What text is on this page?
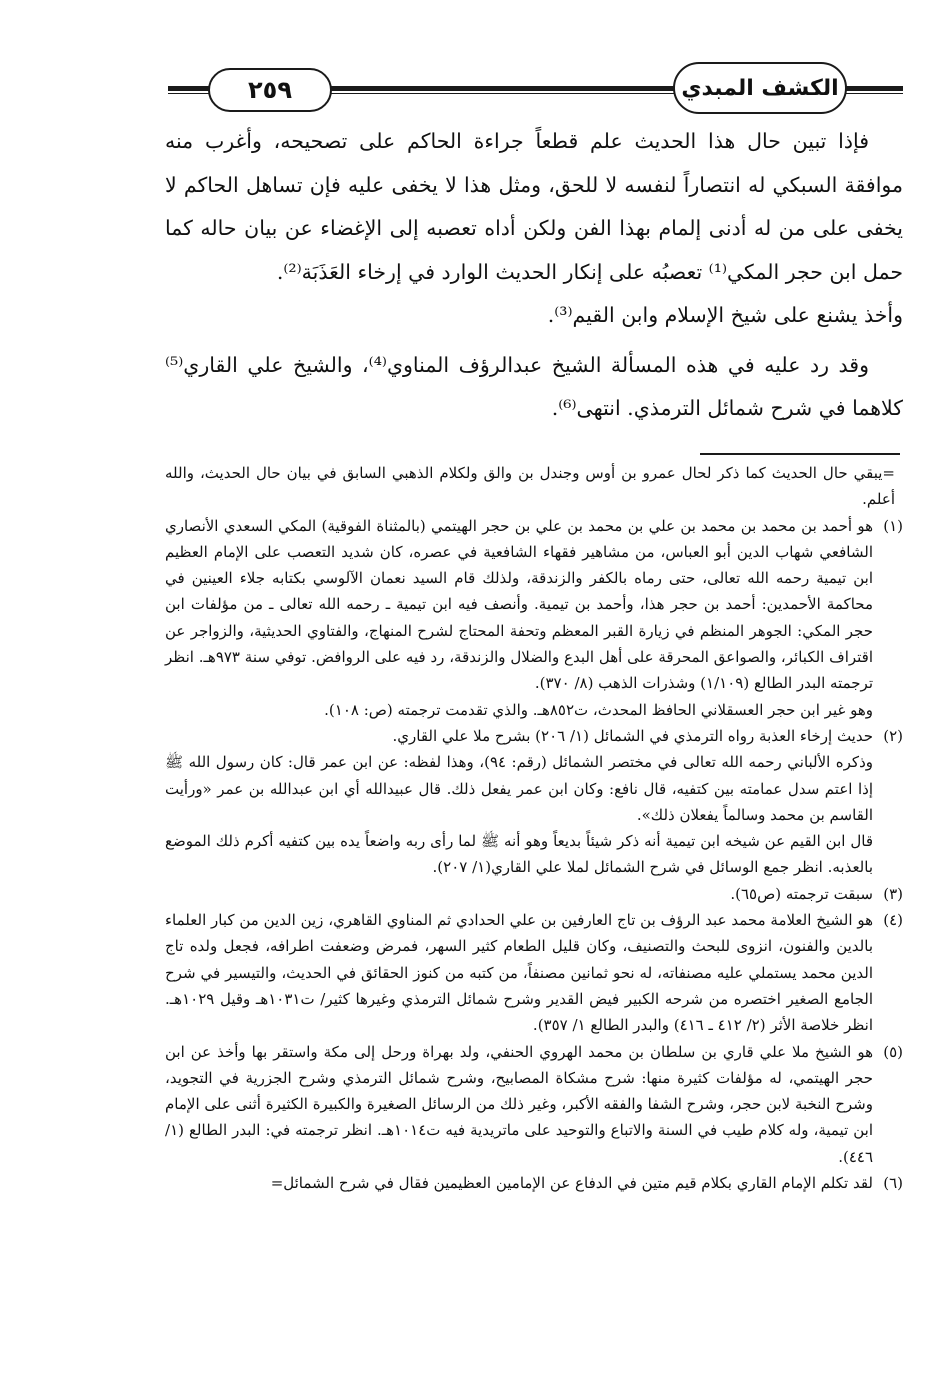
٢٥٩	الكشف المبدي

فإذا تبين حال هذا الحديث علم قطعاً جراءة الحاكم على تصحيحه، وأغرب منه موافقة السبكي له انتصاراً لنفسه لا للحق، ومثل هذا لا يخفى عليه فإن تساهل الحاكم لا يخفى على من له أدنى إلمام بهذا الفن ولكن أداه تعصبه إلى الإغضاء عن بيان حاله كما حمل ابن حجر المكي⁽¹⁾ تعصبُه على إنكار الحديث الوارد في إرخاء العَذَبَة⁽²⁾.

وأخذ يشنع على شيخ الإسلام وابن القيم⁽³⁾.

وقد رد عليه في هذه المسألة الشيخ عبدالرؤف المناوي⁽⁴⁾، والشيخ علي القاري⁽⁵⁾ كلاهما في شرح شمائل الترمذي. انتهى⁽⁶⁾.

=يبقي حال الحديث كما ذكر لحال عمرو بن أوس وجندل بن والق ولكلام الذهبي السابق في بيان حال الحديث، والله أعلم.

(١)
هو أحمد بن محمد بن محمد بن علي بن محمد بن علي بن حجر الهيتمي (بالمثناة الفوقية) المكي السعدي الأنصاري الشافعي شهاب الدين أبو العباس، من مشاهير فقهاء الشافعية في عصره، كان شديد التعصب على الإمام العظيم ابن تيمية رحمه الله تعالى، حتى رماه بالكفر والزندقة، ولذلك قام السيد نعمان الآلوسي بكتابه جلاء العينين في محاكمة الأحمدين: أحمد بن حجر هذا، وأحمد بن تيمية. وأنصف فيه ابن تيمية ـ رحمه الله تعالى ـ من مؤلفات ابن حجر المكي: الجوهر المنظم في زيارة القبر المعظم وتحفة المحتاج لشرح المنهاج، والفتاوي الحديثية، والزواجر عن اقتراف الكبائر، والصواعق المحرقة على أهل البدع والضلال والزندقة، رد فيه على الروافض. توفي سنة ٩٧٣هـ. انظر ترجمته البدر الطالع (١/١٠٩) وشذرات الذهب (٨/ ٣٧٠).

وهو غير ابن حجر العسقلاني الحافظ المحدث، ت٨٥٢هـ. والذي تقدمت ترجمته (ص: ١٠٨).

(٢)
حديث إرخاء العذبة رواه الترمذي في الشمائل (١/ ٢٠٦) بشرح ملا علي القاري.

وذكره الألباني رحمه الله تعالى في مختصر الشمائل (رقم: ٩٤)، وهذا لفظه: عن ابن عمر قال: كان رسول الله ﷺ إذا اعتم سدل عمامته بين كتفيه، قال نافع: وكان ابن عمر يفعل ذلك. قال عبيدالله أي ابن عبدالله بن عمر «ورأيت القاسم بن محمد وسالماً يفعلان ذلك».

قال ابن القيم عن شيخه ابن تيمية أنه ذكر شيئاً بديعاً وهو أنه ﷺ لما رأى ربه واضعاً يده بين كتفيه أكرم ذلك الموضع بالعذبه. انظر جمع الوسائل في شرح الشمائل لملا علي القاري(١/ ٢٠٧).

(٣)
سبقت ترجمته (ص٦٥).
(٤)
هو الشيخ العلامة محمد عبد الرؤف بن تاج العارفين بن علي الحدادي ثم المناوي القاهري، زين الدين من كبار العلماء بالدين والفنون، انزوى للبحث والتصنيف، وكان قليل الطعام كثير السهر، فمرض وضعفت اطرافه، فجعل ولده تاج الدين محمد يستملي عليه مصنفاته، له نحو ثمانين مصنفاً، من كتبه من كنوز الحقائق في الحديث، والتيسير في شرح الجامع الصغير اختصره من شرحه الكبير فيض القدير وشرح شمائل الترمذي وغيرها كثير/ ت١٠٣١هـ وقيل ١٠٢٩هـ. انظر خلاصة الأثر (٢/ ٤١٢ ـ ٤١٦) والبدر الطالع ١/ ٣٥٧).
(٥)
هو الشيخ ملا علي قاري بن سلطان بن محمد الهروي الحنفي، ولد بهراة ورحل إلى مكة واستقر بها وأخذ عن ابن حجر الهيتمي، له مؤلفات كثيرة منها: شرح مشكاة المصابيح، وشرح شمائل الترمذي وشرح الجزرية في التجويد، وشرح النخبة لابن حجر، وشرح الشفا والفقه الأكبر، وغير ذلك من الرسائل الصغيرة والكبيرة الكثيرة أثنى على الإمام ابن تيمية، وله كلام طيب في السنة والاتباع والتوحيد على ماتريدية فيه ت١٠١٤هـ. انظر ترجمته في: البدر الطالع (١/ ٤٤٦).
(٦)
لقد تكلم الإمام القاري بكلام قيم متين في الدفاع عن الإمامين العظيمين فقال في شرح الشمائل=
